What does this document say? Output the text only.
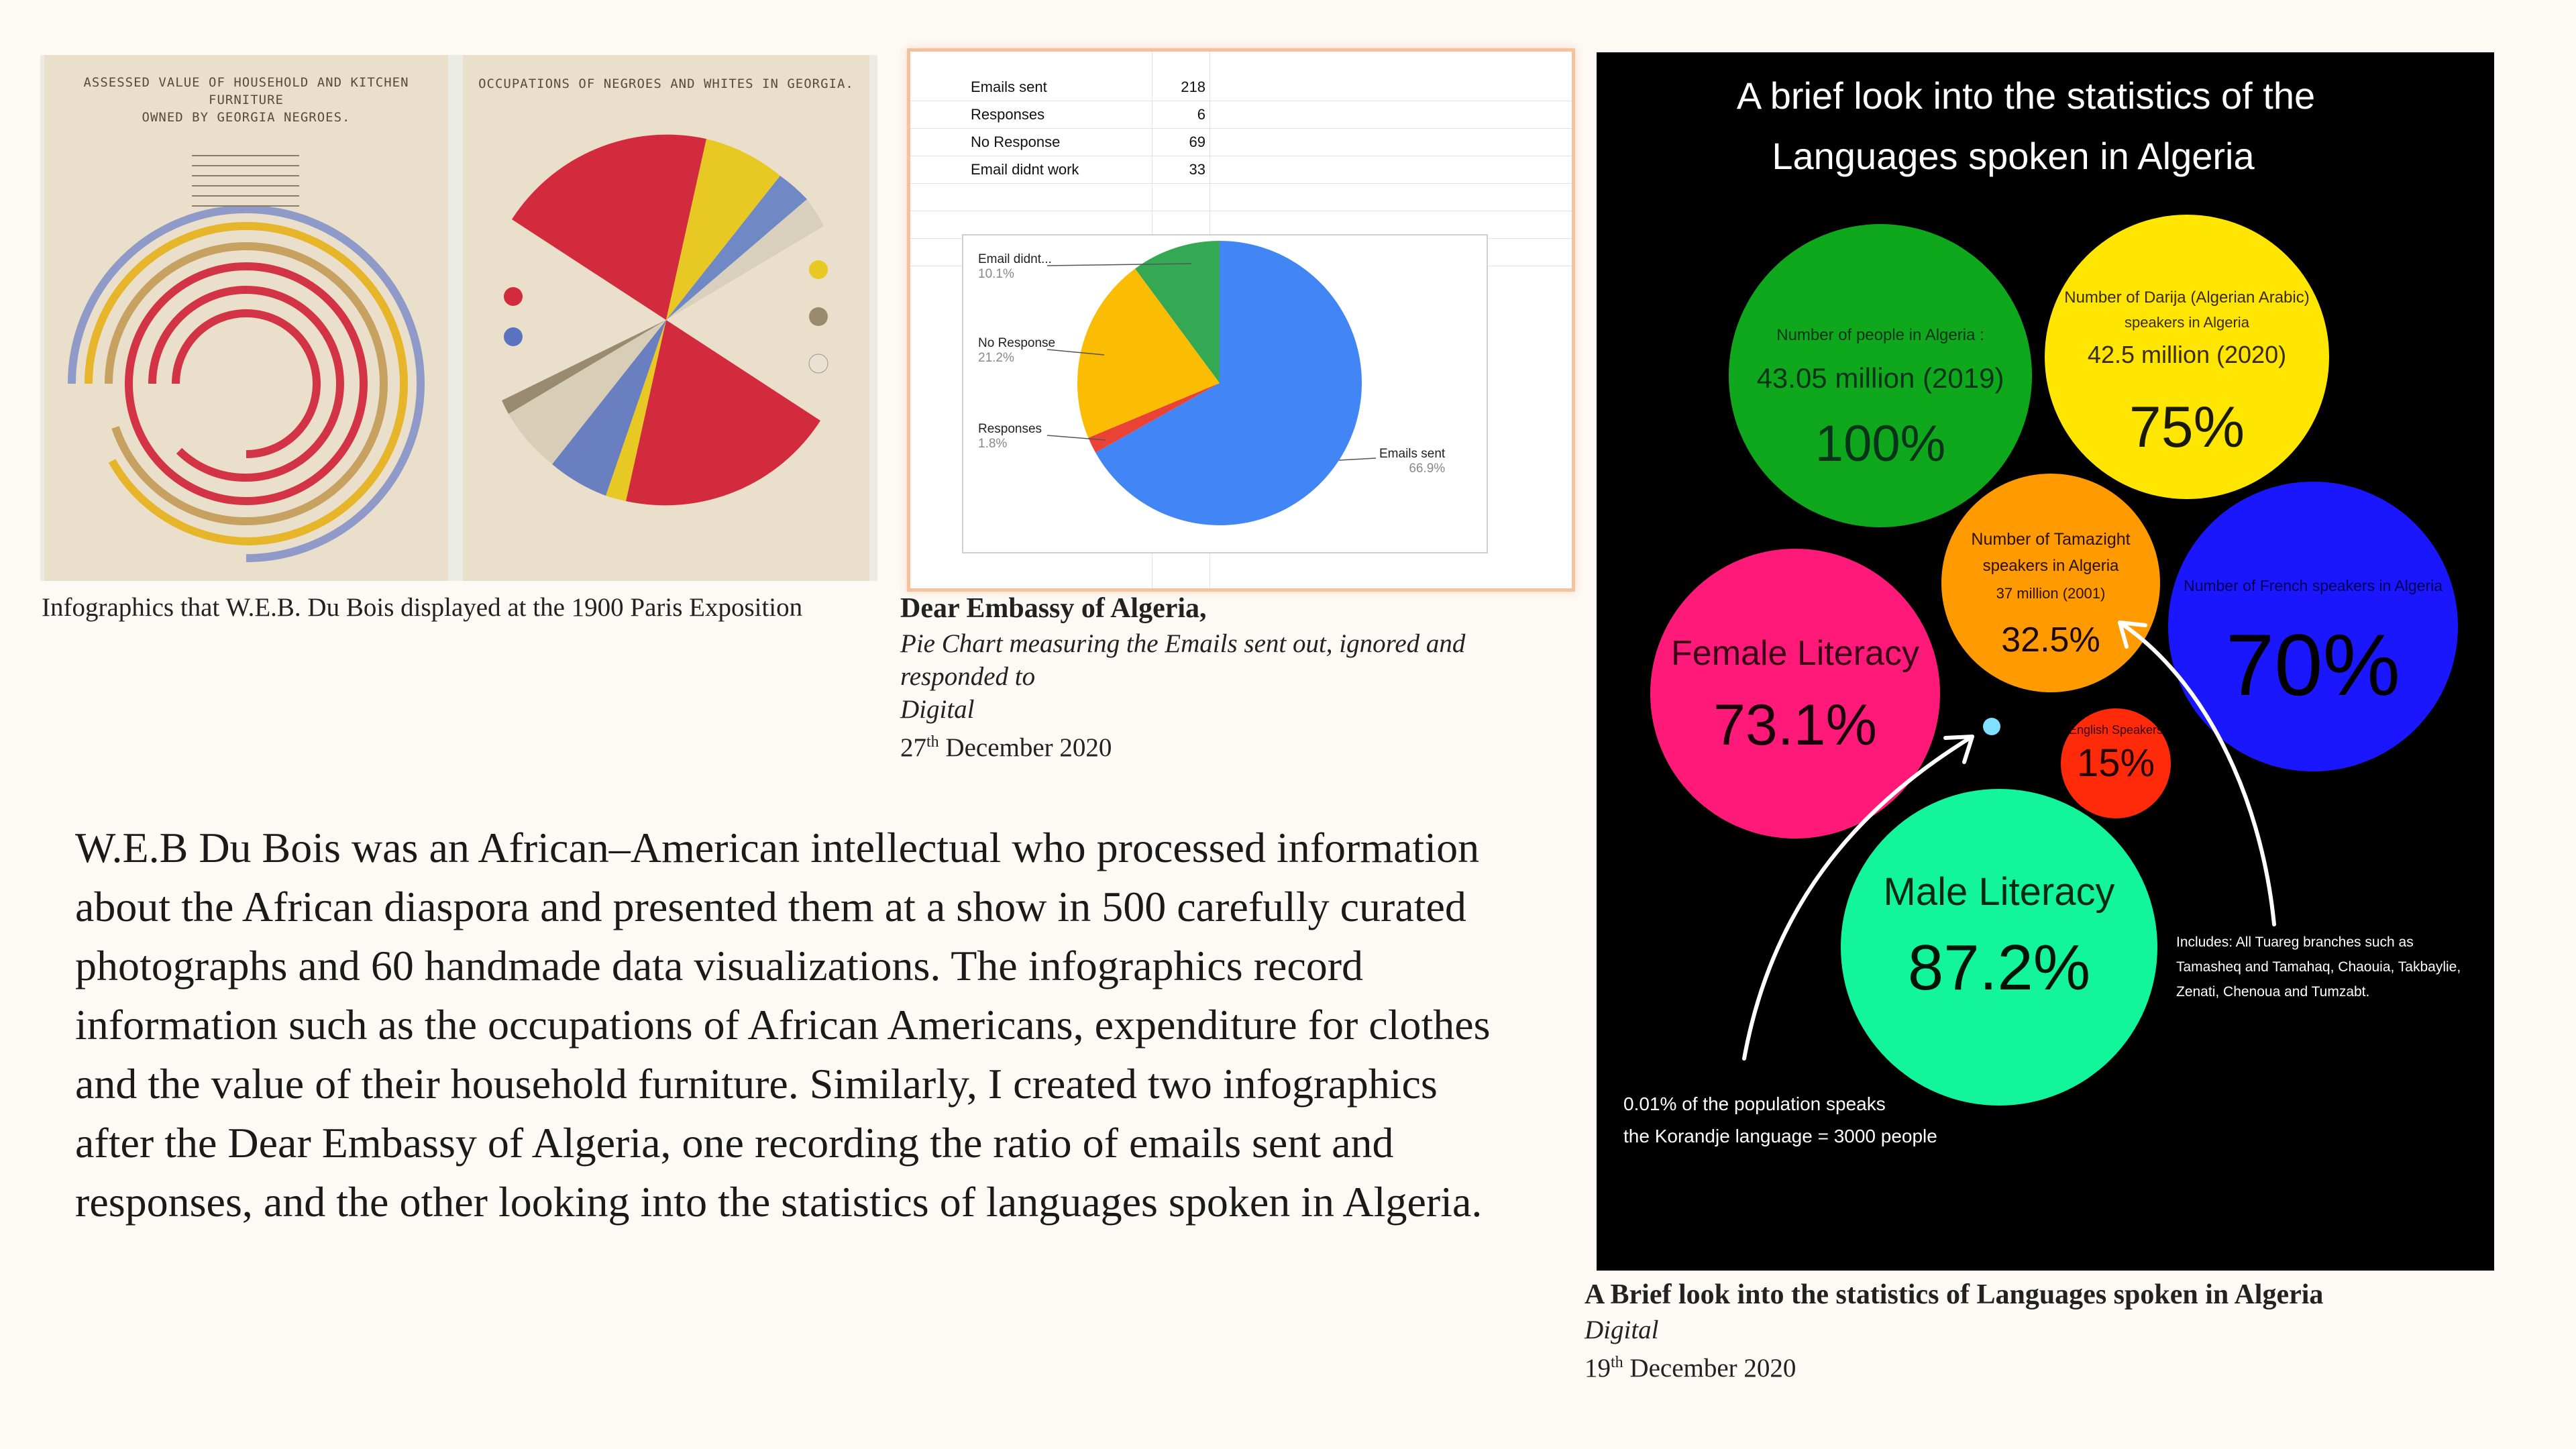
ASSESSED VALUE OF HOUSEHOLD AND KITCHEN FURNITURE
OWNED BY GEORGIA NEGROES.
OCCUPATIONS OF NEGROES AND WHITES IN GEORGIA.
Infographics that W.E.B. Du Bois displayed at the 1900 Paris Exposition
Emails sent	218
Responses	6
No Response	69
Email didnt work	33
Email didnt...
10.1%
No Response
21.2%
Responses
1.8%
Emails sent
66.9%
Dear Embassy of Algeria,
Pie Chart measuring the Emails sent out, ignored and responded to
Digital
27th December 2020
W.E.B Du Bois was an African–American intellectual who processed information about the African diaspora and presented them at a show in 500 carefully curated photographs and 60 handmade data visualizations. The infographics record information such as the occupations of African Americans, expenditure for clothes and the value of their household furniture. Similarly, I created two infographics after the Dear Embassy of Algeria, one recording the ratio of emails sent and responses, and the other looking into the statistics of languages spoken in Algeria.
A brief look into the statistics of the
Languages spoken in Algeria
Number of people in Algeria :
43.05 million (2019)
100%
Number of Darija (Algerian Arabic)
speakers in Algeria
42.5 million (2020)
75%
Number of Tamazight
speakers in Algeria
37 million (2001)
32.5%
Number of French speakers in Algeria
70%
Female Literacy
73.1%	English Speakers
15%
Male Literacy
87.2%
0.01% of the population speaks
the Korandje language = 3000 people
Includes: All Tuareg branches such as
Tamasheq and Tamahaq, Chaouia, Takbaylie,
Zenati, Chenoua and Tumzabt.
A Brief look into the statistics of Languages spoken in Algeria
Digital
19th December 2020
